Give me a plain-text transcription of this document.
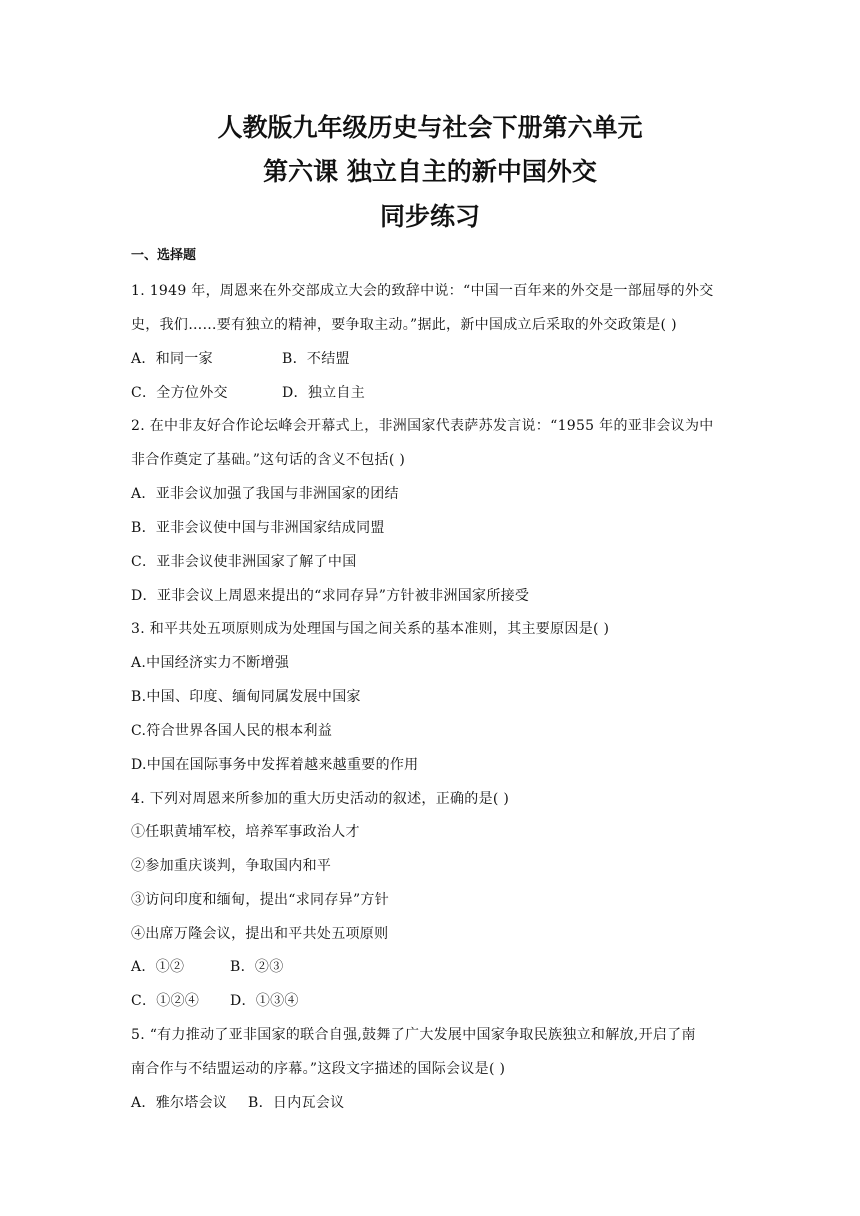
人教版九年级历史与社会下册第六单元
第六课 独立自主的新中国外交
同步练习
一、选择题
1. 1949 年，周恩来在外交部成立大会的致辞中说：“中国一百年来的外交是一部屈辱的外交
史，我们……要有独立的精神，要争取主动。”据此，新中国成立后采取的外交政策是( )
A．和同一家	B．不结盟
C．全方位外交	D．独立自主
2. 在中非友好合作论坛峰会开幕式上，非洲国家代表萨苏发言说：“1955 年的亚非会议为中
非合作奠定了基础。”这句话的含义不包括( )
A．亚非会议加强了我国与非洲国家的团结
B．亚非会议使中国与非洲国家结成同盟
C．亚非会议使非洲国家了解了中国
D．亚非会议上周恩来提出的“求同存异”方针被非洲国家所接受
3. 和平共处五项原则成为处理国与国之间关系的基本准则，其主要原因是( )
A.中国经济实力不断增强
B.中国、印度、缅甸同属发展中国家
C.符合世界各国人民的根本利益
D.中国在国际事务中发挥着越来越重要的作用
4. 下列对周恩来所参加的重大历史活动的叙述，正确的是( )
①任职黄埔军校，培养军事政治人才
②参加重庆谈判，争取国内和平
③访问印度和缅甸，提出“求同存异”方针
④出席万隆会议，提出和平共处五项原则
A．①②	B．②③
C．①②④ D．①③④
5. “有力推动了亚非国家的联合自强,鼓舞了广大发展中国家争取民族独立和解放,开启了南
南合作与不结盟运动的序幕。”这段文字描述的国际会议是( )
A．雅尔塔会议 B．日内瓦会议
